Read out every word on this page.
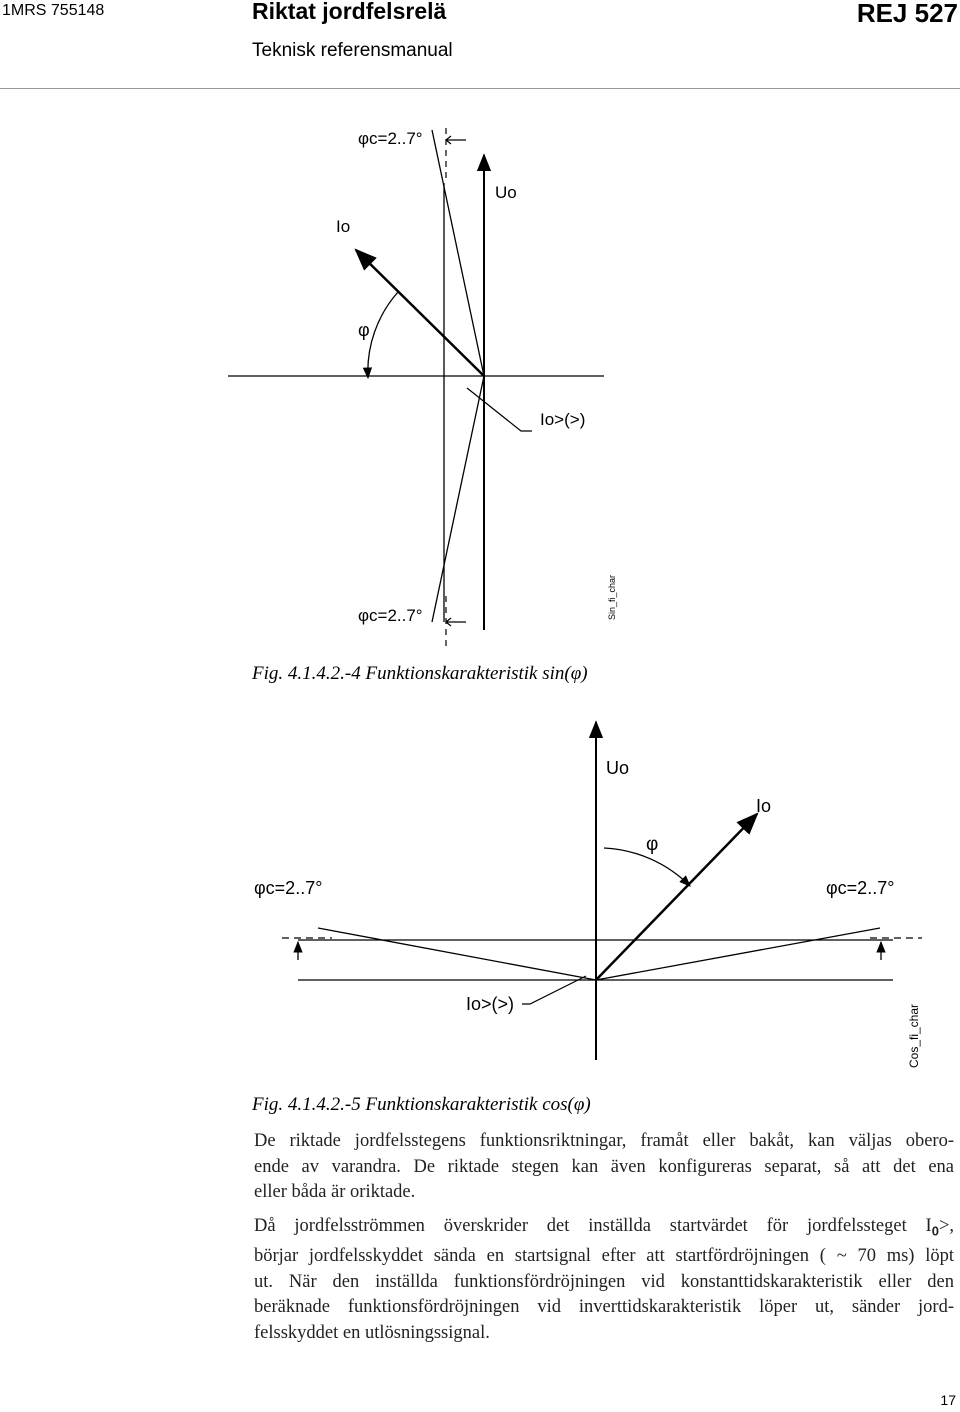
1MRS 755148	Riktat jordfelsrelä	REJ 527
Teknisk referensmanual
φc=2..7°
Uo
Io
φ
Io>(>)
φc=2..7°	Sin_fi_char
Fig. 4.1.4.2.-4 Funktionskarakteristik sin(φ)
Uo
Io
φ
φc=2..7°	φc=2..7°
Io>(>)	Cos_fi_char
Fig. 4.1.4.2.-5 Funktionskarakteristik cos(φ)
De riktade jordfelsstegens funktionsriktningar, framåt eller bakåt, kan väljas obero-
ende av varandra. De riktade stegen kan även konfigureras separat, så att det ena
eller båda är oriktade.
Då jordfelsströmmen överskrider det inställda startvärdet för jordfelssteget $I_0>$,
börjar jordfelsskyddet sända en startsignal efter att startfördröjningen ( ~ 70 ms) löpt
ut. När den inställda funktionsfördröjningen vid konstanttidskarakteristik eller den
beräknade funktionsfördröjningen vid inverttidskarakteristik löper ut, sänder jord-
felsskyddet en utlösningssignal.
17
